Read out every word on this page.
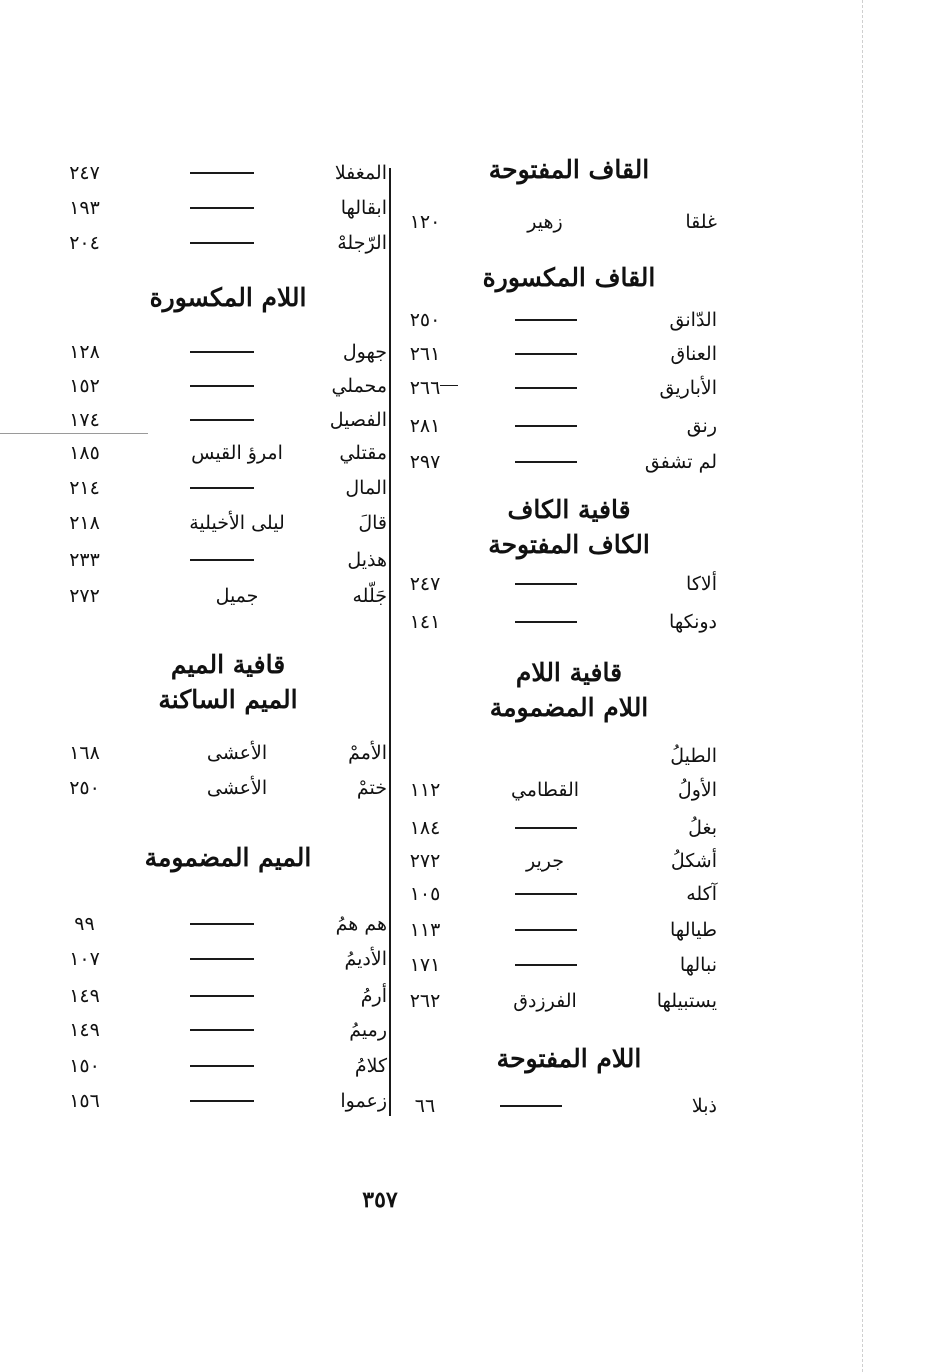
القاف المفتوحة
غلقا
زهير
١٢٠
القاف المكسورة
الدّانق
٢٥٠
العناق
٢٦١
الأباريق
٢٦٦
رنق
٢٨١
لم تشفق
٢٩٧
قافية الكاف
الكاف المفتوحة
ألاكا
٢٤٧
دونكها
١٤١
قافية اللام
اللام المضمومة
الطيلُ
الأولُ
القطامي
١١٢
بغلُ
١٨٤
أشكلُ
جرير
٢٧٢
آكله
١٠٥
طيالها
١١٣
نبالها
١٧١
يستبيلها
الفرزدق
٢٦٢
اللام المفتوحة
ذبلا
٦٦
المغفلا
٢٤٧
ابقالها
١٩٣
الرّجلهْ
٢٠٤
اللام المكسورة
جهول
١٢٨
محملي
١٥٢
الفصيل
١٧٤
مقتلي
امرؤ القيس
١٨٥
المال
٢١٤
قالَ
ليلى الأخيلية
٢١٨
هذيل
٢٣٣
جَلّله
جميل
٢٧٢
قافية الميم
الميم الساكنة
الأممْ
الأعشى
١٦٨
ختمْ
الأعشى
٢٥٠
الميم المضمومة
هم همُ
٩٩
الأديمُ
١٠٧
أرمُ
١٤٩
رميمُ
١٤٩
كلامُ
١٥٠
زعموا
١٥٦
٣٥٧
